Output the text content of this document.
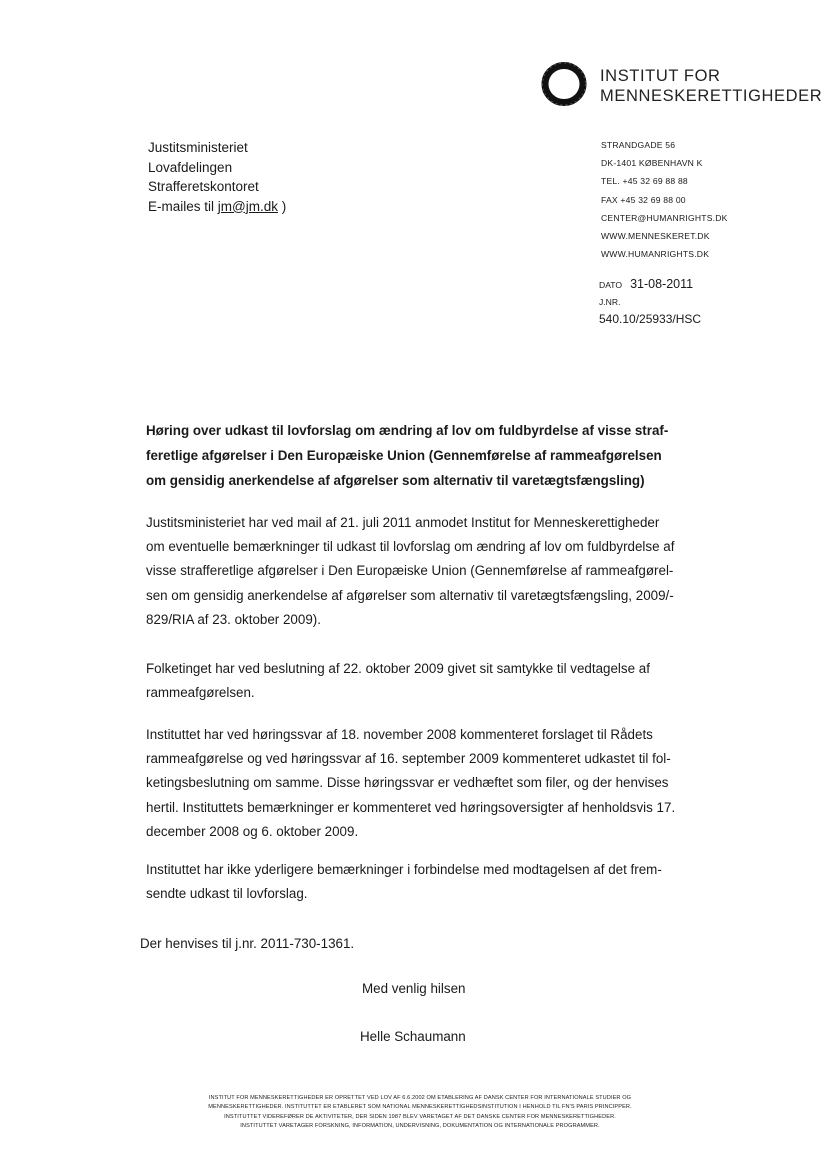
INSTITUT FOR
MENNESKERETTIGHEDER
Justitsministeriet
Lovafdelingen
Strafferetskontoret
E-mailes til jm@jm.dk )
STRANDGADE 56
DK-1401 KØBENHAVN K
TEL. +45 32 69 88 88
FAX +45 32 69 88 00
CENTER@HUMANRIGHTS.DK
WWW.MENNESKERET.DK
WWW.HUMANRIGHTS.DK
DATO 31-08-2011
J.NR.
540.10/25933/HSC
Høring over udkast til lovforslag om ændring af lov om fuldbyrdelse af visse straf-
feretlige afgørelser i Den Europæiske Union (Gennemførelse af rammeafgørelsen
om gensidig anerkendelse af afgørelser som alternativ til varetægtsfængsling)
Justitsministeriet har ved mail af 21. juli 2011 anmodet Institut for Menneskerettigheder
om eventuelle bemærkninger til udkast til lovforslag om ændring af lov om fuldbyrdelse af
visse strafferetlige afgørelser i Den Europæiske Union (Gennemførelse af rammeafgørel-
sen om gensidig anerkendelse af afgørelser som alternativ til varetægtsfængsling, 2009/-
829/RIA af 23. oktober 2009).
Folketinget har ved beslutning af 22. oktober 2009 givet sit samtykke til vedtagelse af
rammeafgørelsen.
Instituttet har ved høringssvar af 18. november 2008 kommenteret forslaget til Rådets
rammeafgørelse og ved høringssvar af 16. september 2009 kommenteret udkastet til fol-
ketingsbeslutning om samme. Disse høringssvar er vedhæftet som filer, og der henvises
hertil. Instituttets bemærkninger er kommenteret ved høringsoversigter af henholdsvis 17.
december 2008 og 6. oktober 2009.
Instituttet har ikke yderligere bemærkninger i forbindelse med modtagelsen af det frem-
sendte udkast til lovforslag.
Der henvises til j.nr. 2011-730-1361.
Med venlig hilsen
Helle Schaumann
INSTITUT FOR MENNESKERETTIGHEDER ER OPRETTET VED LOV AF 6.6.2002 OM ETABLERING AF DANSK CENTER FOR INTERNATIONALE STUDIER OG
MENNESKERETTIGHEDER. INSTITUTTET ER ETABLERET SOM NATIONAL MENNESKERETTIGHEDSINSTITUTION I HENHOLD TIL FN'S PARIS PRINCIPPER.
INSTITUTTET VIDEREFØRER DE AKTIVITETER, DER SIDEN 1987 BLEV VARETAGET AF DET DANSKE CENTER FOR MENNESKERETTIGHEDER.
INSTITUTTET VARETAGER FORSKNING, INFORMATION, UNDERVISNING, DOKUMENTATION OG INTERNATIONALE PROGRAMMER.
